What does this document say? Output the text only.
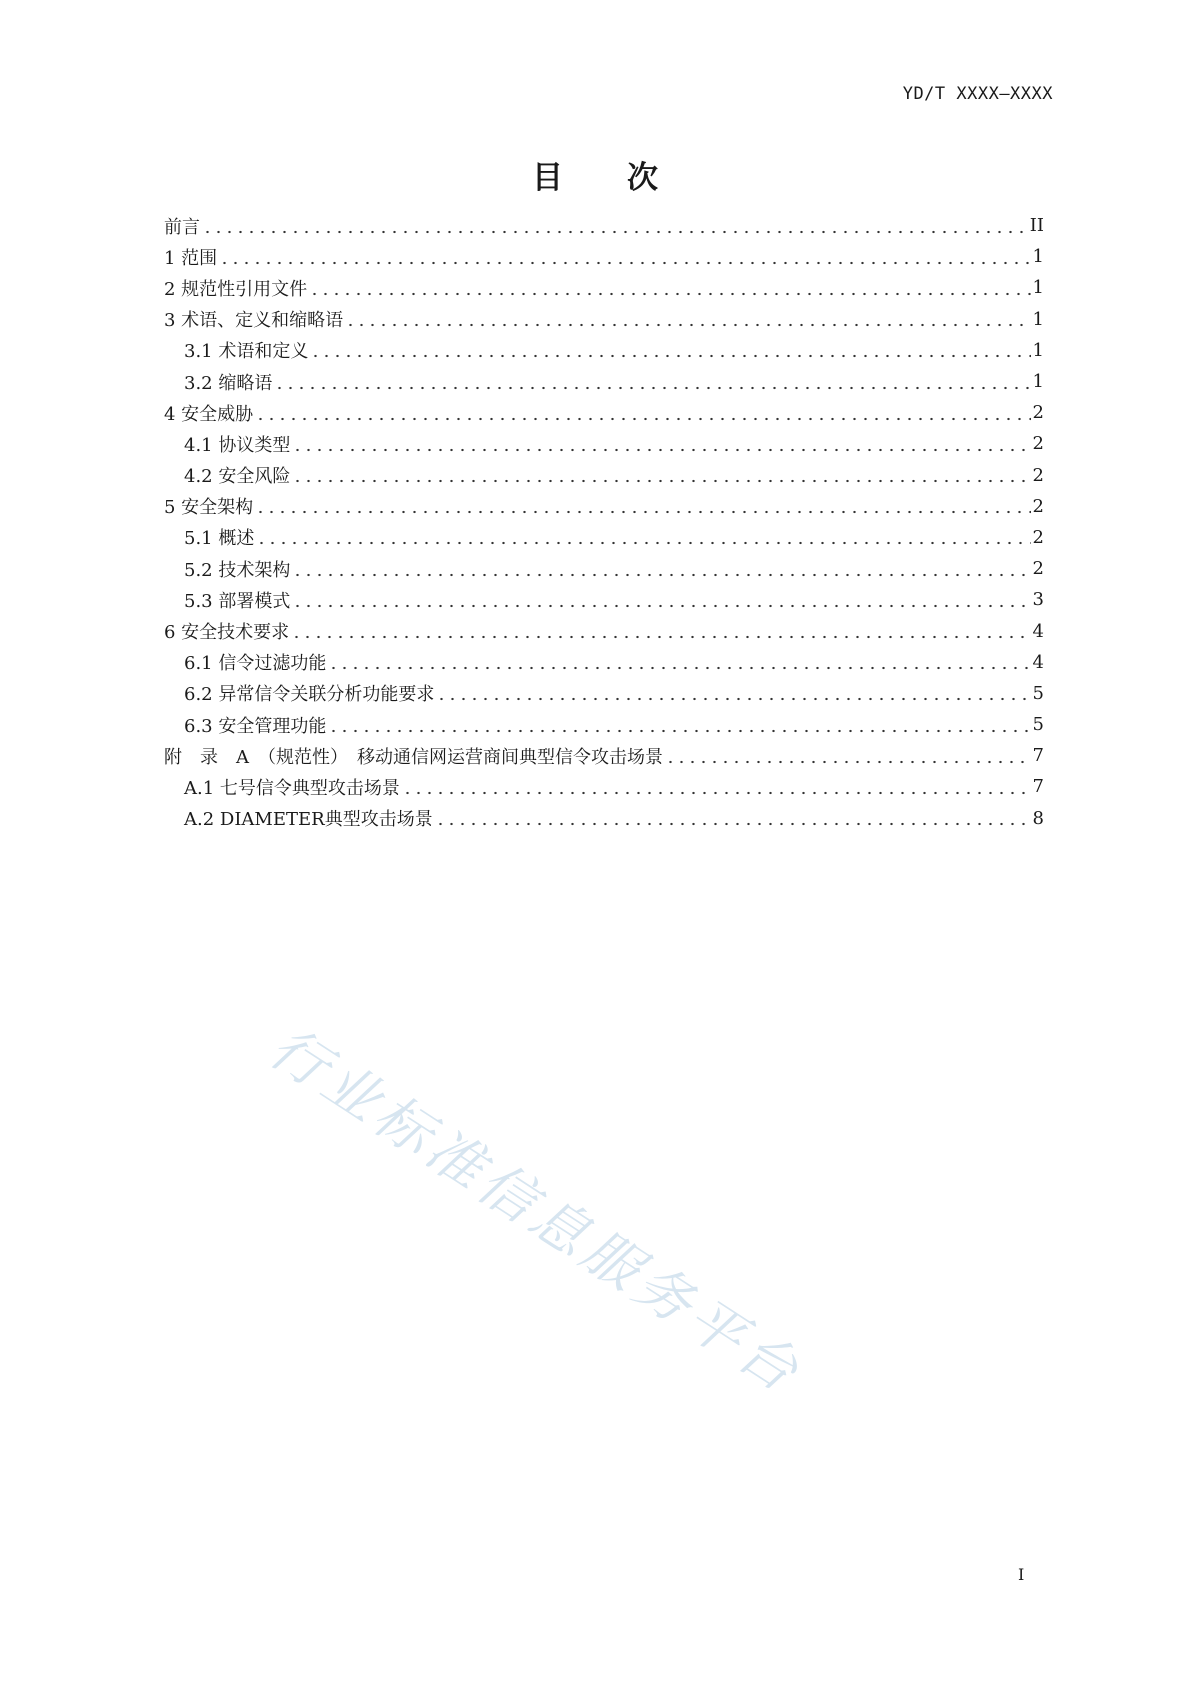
YD/T XXXX—XXXX
目 次
前言	II
1 范围	1
2 规范性引用文件	1
3 术语、定义和缩略语	1
3.1 术语和定义	1
3.2 缩略语	1
4 安全威胁	2
4.1 协议类型	2
4.2 安全风险	2
5 安全架构	2
5.1 概述	2
5.2 技术架构	2
5.3 部署模式	3
6 安全技术要求	4
6.1 信令过滤功能	4
6.2 异常信令关联分析功能要求	5
6.3 安全管理功能	5
附　录　A　（规范性）　移动通信网运营商间典型信令攻击场景	7
A.1 七号信令典型攻击场景	7
A.2 DIAMETER典型攻击场景	8
行业标准信息服务平台
I
